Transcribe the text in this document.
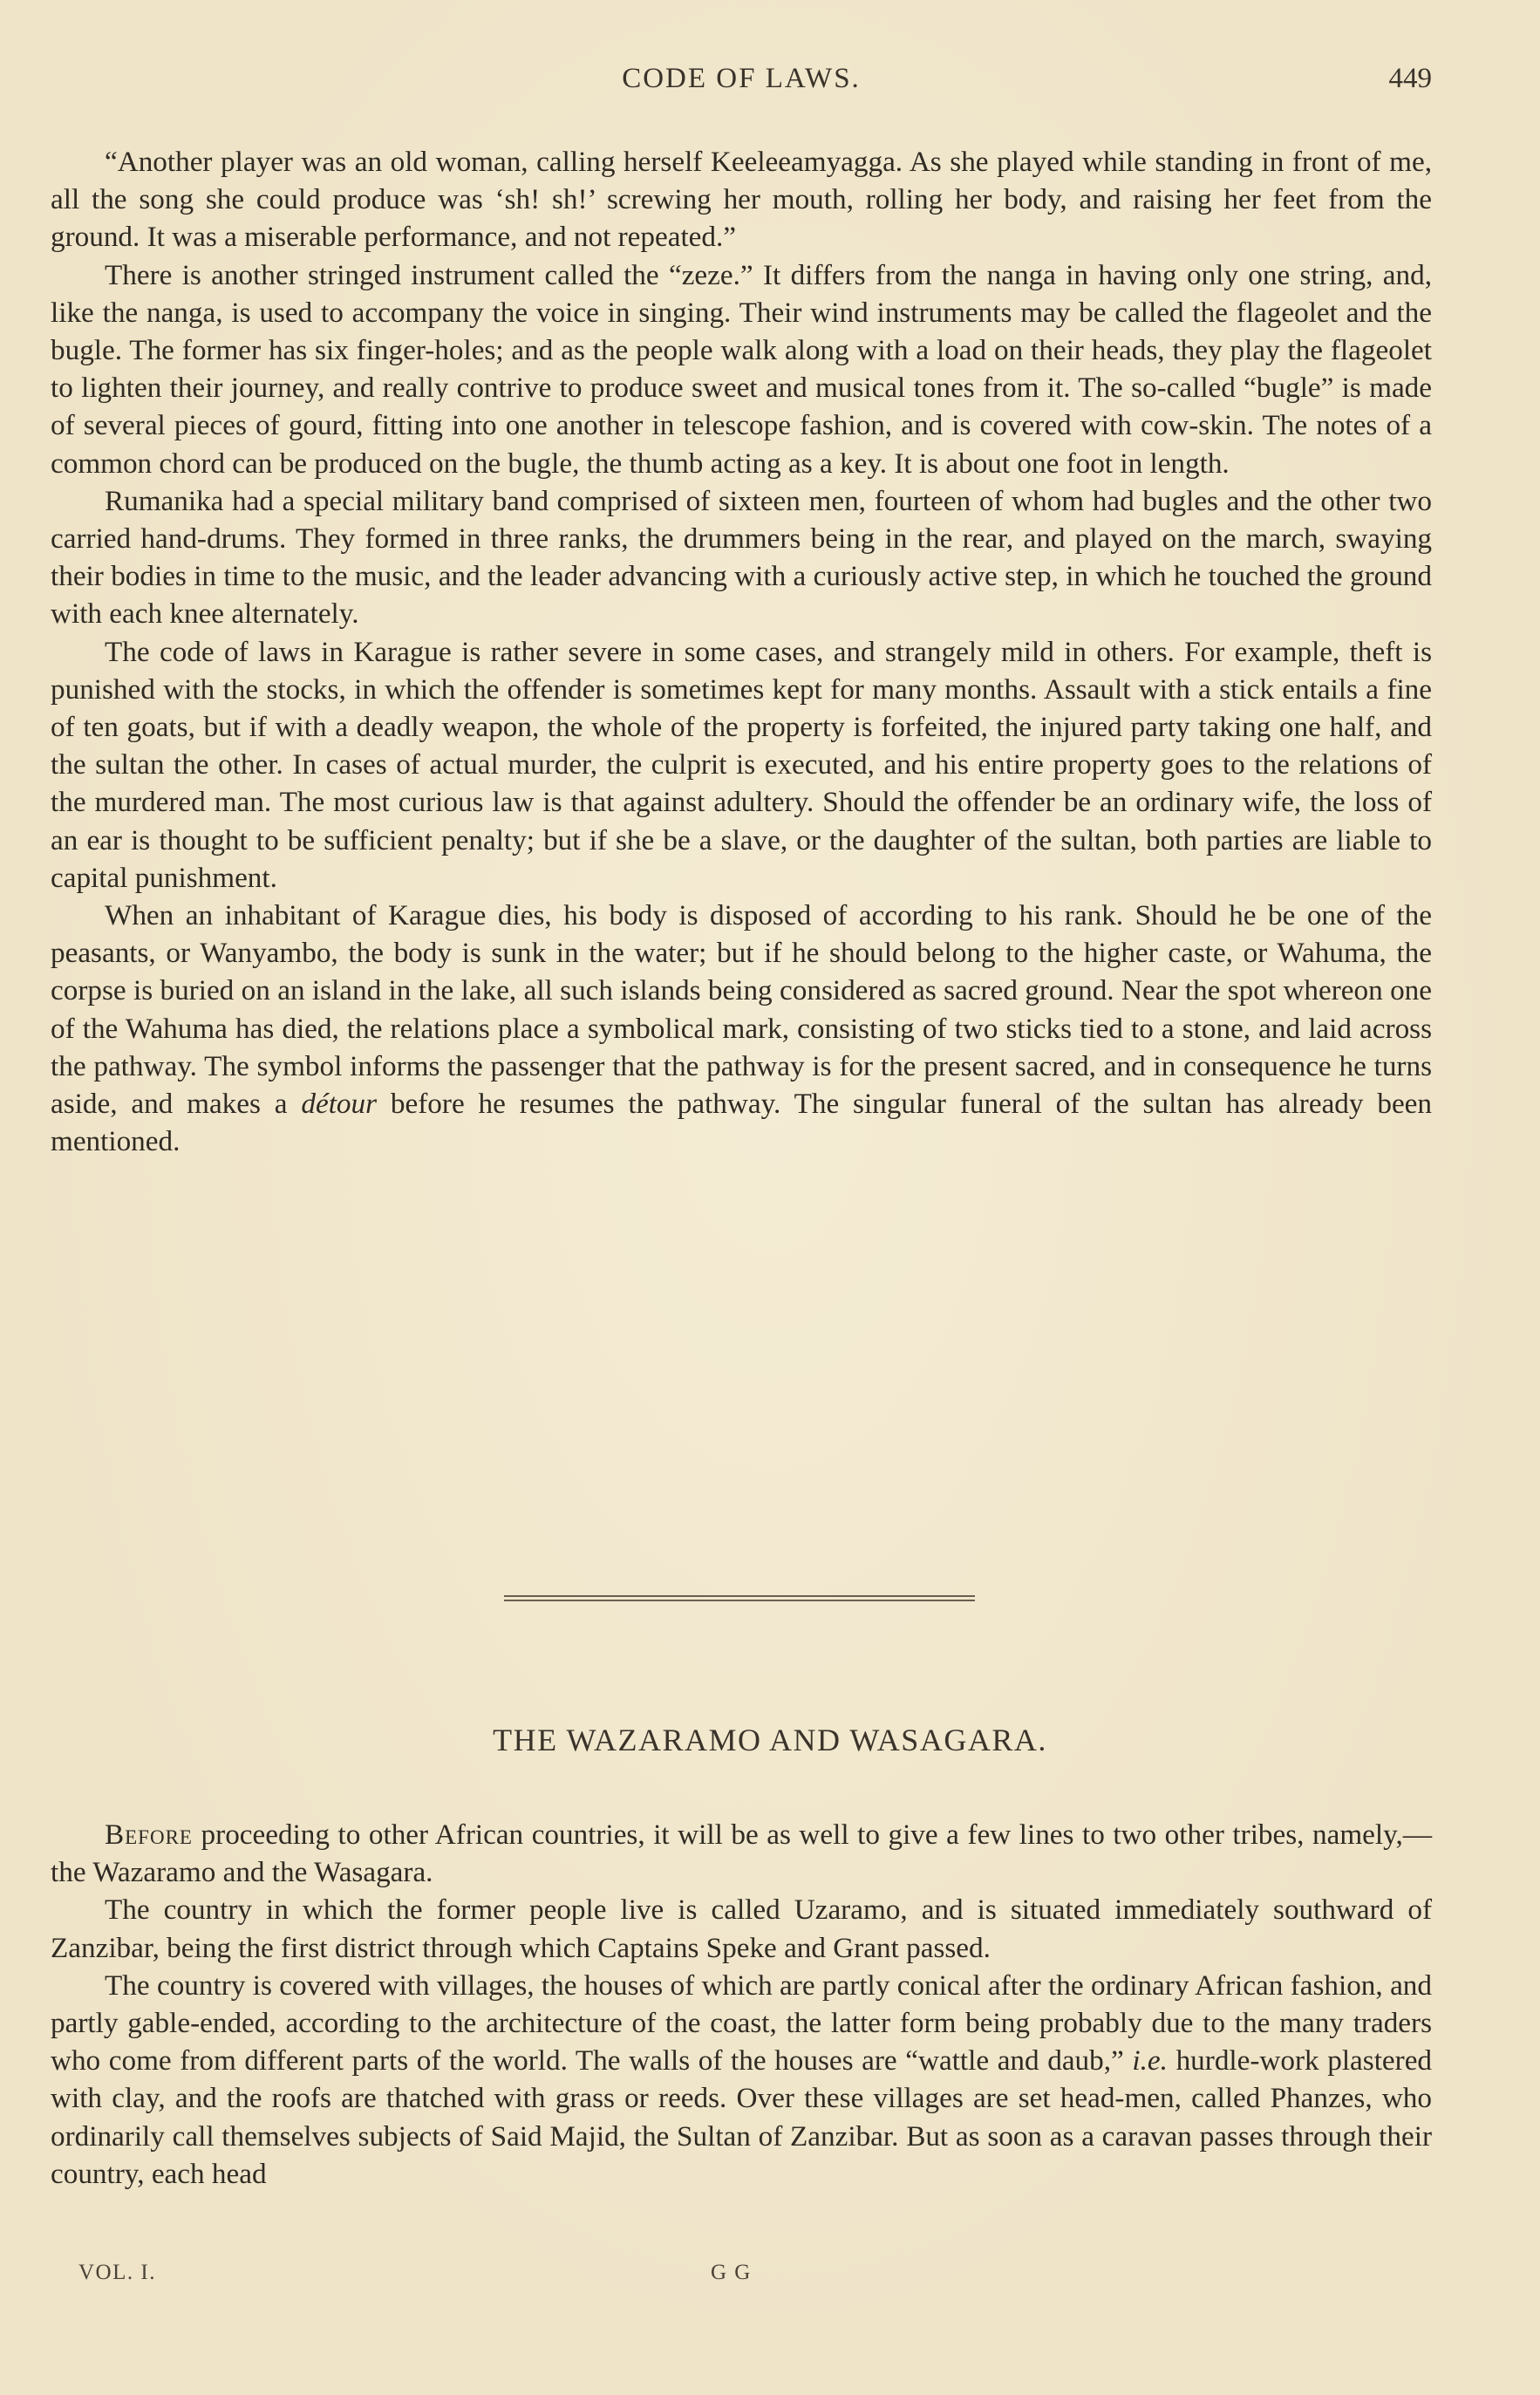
CODE OF LAWS.	449

“Another player was an old woman, calling herself Keeleeamyagga. As she played while standing in front of me, all the song she could produce was ‘sh! sh!’ screwing her mouth, rolling her body, and raising her feet from the ground. It was a miserable performance, and not repeated.”

There is another stringed instrument called the “zeze.” It differs from the nanga in having only one string, and, like the nanga, is used to accompany the voice in singing. Their wind instruments may be called the flageolet and the bugle. The former has six finger-holes; and as the people walk along with a load on their heads, they play the flageolet to lighten their journey, and really contrive to produce sweet and musical tones from it. The so-called “bugle” is made of several pieces of gourd, fitting into one another in telescope fashion, and is covered with cow-skin. The notes of a common chord can be produced on the bugle, the thumb acting as a key. It is about one foot in length.

Rumanika had a special military band comprised of sixteen men, fourteen of whom had bugles and the other two carried hand-drums. They formed in three ranks, the drummers being in the rear, and played on the march, swaying their bodies in time to the music, and the leader advancing with a curiously active step, in which he touched the ground with each knee alternately.

The code of laws in Karague is rather severe in some cases, and strangely mild in others. For example, theft is punished with the stocks, in which the offender is sometimes kept for many months. Assault with a stick entails a fine of ten goats, but if with a deadly weapon, the whole of the property is forfeited, the injured party taking one half, and the sultan the other. In cases of actual murder, the culprit is executed, and his entire property goes to the relations of the murdered man. The most curious law is that against adultery. Should the offender be an ordinary wife, the loss of an ear is thought to be sufficient penalty; but if she be a slave, or the daughter of the sultan, both parties are liable to capital punishment.

When an inhabitant of Karague dies, his body is disposed of according to his rank. Should he be one of the peasants, or Wanyambo, the body is sunk in the water; but if he should belong to the higher caste, or Wahuma, the corpse is buried on an island in the lake, all such islands being considered as sacred ground. Near the spot whereon one of the Wahuma has died, the relations place a symbolical mark, consisting of two sticks tied to a stone, and laid across the pathway. The symbol informs the passenger that the pathway is for the present sacred, and in consequence he turns aside, and makes a détour before he resumes the pathway. The singular funeral of the sultan has already been mentioned.

THE WAZARAMO AND WASAGARA.

Before proceeding to other African countries, it will be as well to give a few lines to two other tribes, namely,—the Wazaramo and the Wasagara.

The country in which the former people live is called Uzaramo, and is situated immediately southward of Zanzibar, being the first district through which Captains Speke and Grant passed.

The country is covered with villages, the houses of which are partly conical after the ordinary African fashion, and partly gable-ended, according to the architecture of the coast, the latter form being probably due to the many traders who come from different parts of the world. The walls of the houses are “wattle and daub,” i.e. hurdle-work plastered with clay, and the roofs are thatched with grass or reeds. Over these villages are set head-men, called Phanzes, who ordinarily call themselves subjects of Said Majid, the Sultan of Zanzibar. But as soon as a caravan passes through their country, each head

VOL. I.	G G
